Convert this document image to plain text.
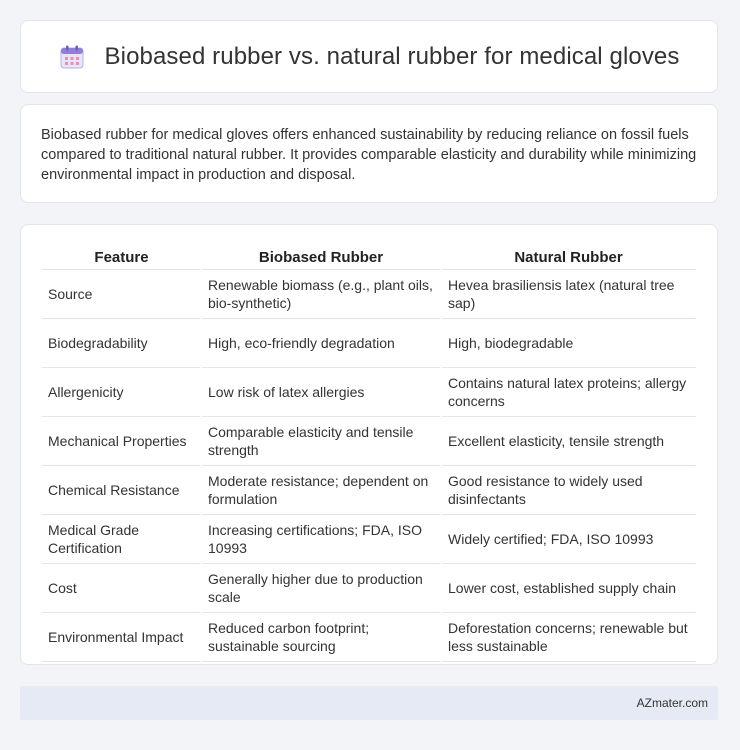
Biobased rubber vs. natural rubber for medical gloves

Biobased rubber for medical gloves offers enhanced sustainability by reducing reliance on fossil fuels compared to traditional natural rubber. It provides comparable elasticity and durability while minimizing environmental impact in production and disposal.

Feature	Biobased Rubber	Natural Rubber
Source	Renewable biomass (e.g., plant oils, bio-synthetic)	Hevea brasiliensis latex (natural tree sap)
Biodegradability	High, eco-friendly degradation	High, biodegradable
Allergenicity	Low risk of latex allergies	Contains natural latex proteins; allergy concerns
Mechanical Properties	Comparable elasticity and tensile strength	Excellent elasticity, tensile strength
Chemical Resistance	Moderate resistance; dependent on formulation	Good resistance to widely used disinfectants
Medical Grade Certification	Increasing certifications; FDA, ISO 10993	Widely certified; FDA, ISO 10993
Cost	Generally higher due to production scale	Lower cost, established supply chain
Environmental Impact	Reduced carbon footprint; sustainable sourcing	Deforestation concerns; renewable but less sustainable
AZmater.com
